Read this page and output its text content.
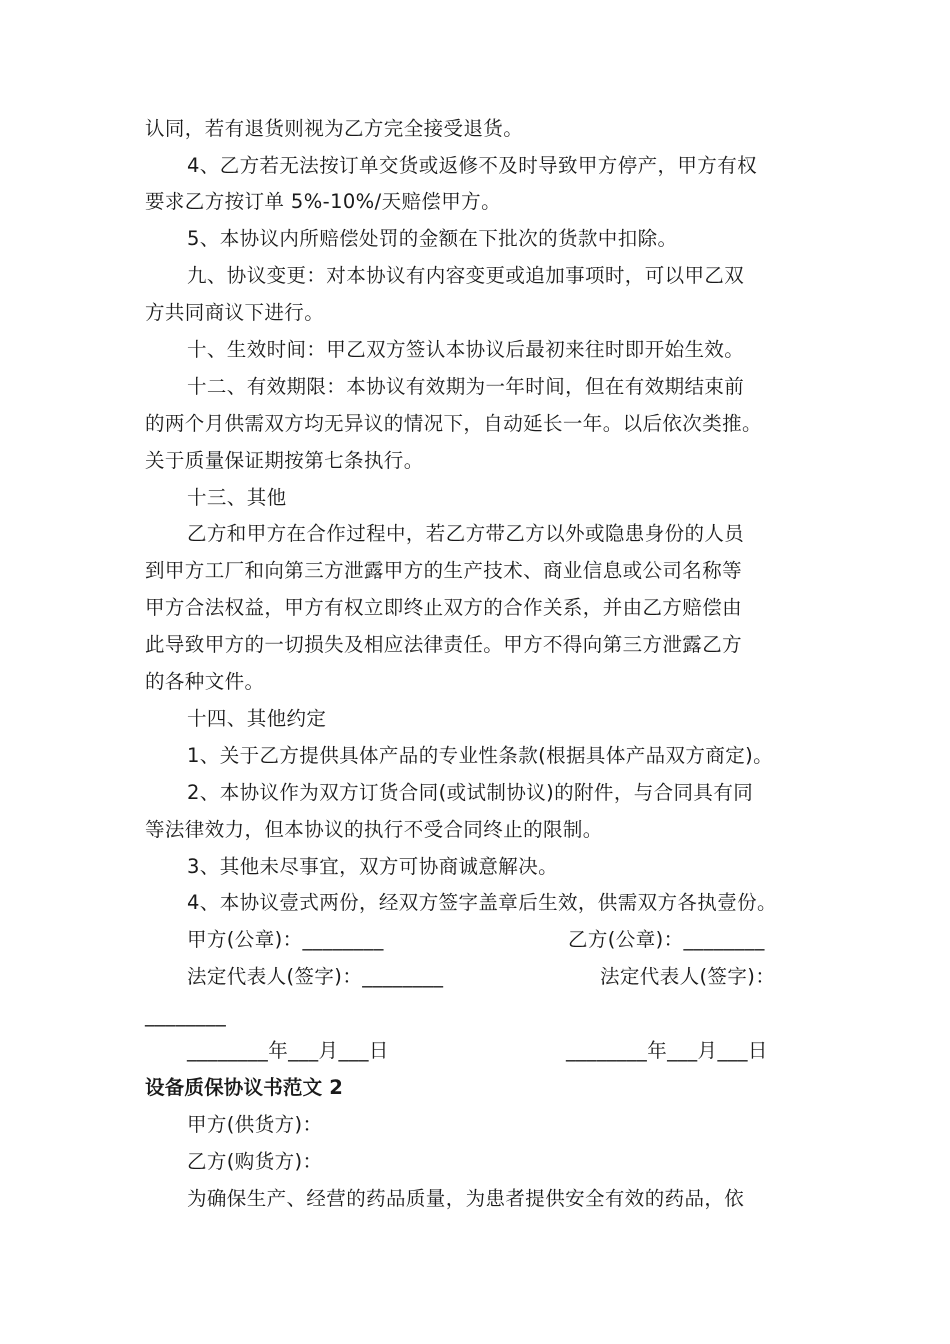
认同，若有退货则视为乙方完全接受退货。
4、乙方若无法按订单交货或返修不及时导致甲方停产，甲方有权
要求乙方按订单 5%-10%/天赔偿甲方。
5、本协议内所赔偿处罚的金额在下批次的货款中扣除。
九、协议变更：对本协议有内容变更或追加事项时，可以甲乙双
方共同商议下进行。
十、生效时间：甲乙双方签认本协议后最初来往时即开始生效。
十二、有效期限：本协议有效期为一年时间，但在有效期结束前
的两个月供需双方均无异议的情况下，自动延长一年。以后依次类推。
关于质量保证期按第七条执行。
十三、其他
乙方和甲方在合作过程中，若乙方带乙方以外或隐患身份的人员
到甲方工厂和向第三方泄露甲方的生产技术、商业信息或公司名称等
甲方合法权益，甲方有权立即终止双方的合作关系，并由乙方赔偿由
此导致甲方的一切损失及相应法律责任。甲方不得向第三方泄露乙方
的各种文件。
十四、其他约定
1、关于乙方提供具体产品的专业性条款(根据具体产品双方商定)。
2、本协议作为双方订货合同(或试制协议)的附件，与合同具有同
等法律效力，但本协议的执行不受合同终止的限制。
3、其他未尽事宜，双方可协商诚意解决。
4、本协议壹式两份，经双方签字盖章后生效，供需双方各执壹份。
甲方(公章)：________	乙方(公章)：________
法定代表人(签字)：________	法定代表人(签字)：
________
________年___月___日	________年___月___日
设备质保协议书范文 2
甲方(供货方)：
乙方(购货方)：
为确保生产、经营的药品质量，为患者提供安全有效的药品，依
